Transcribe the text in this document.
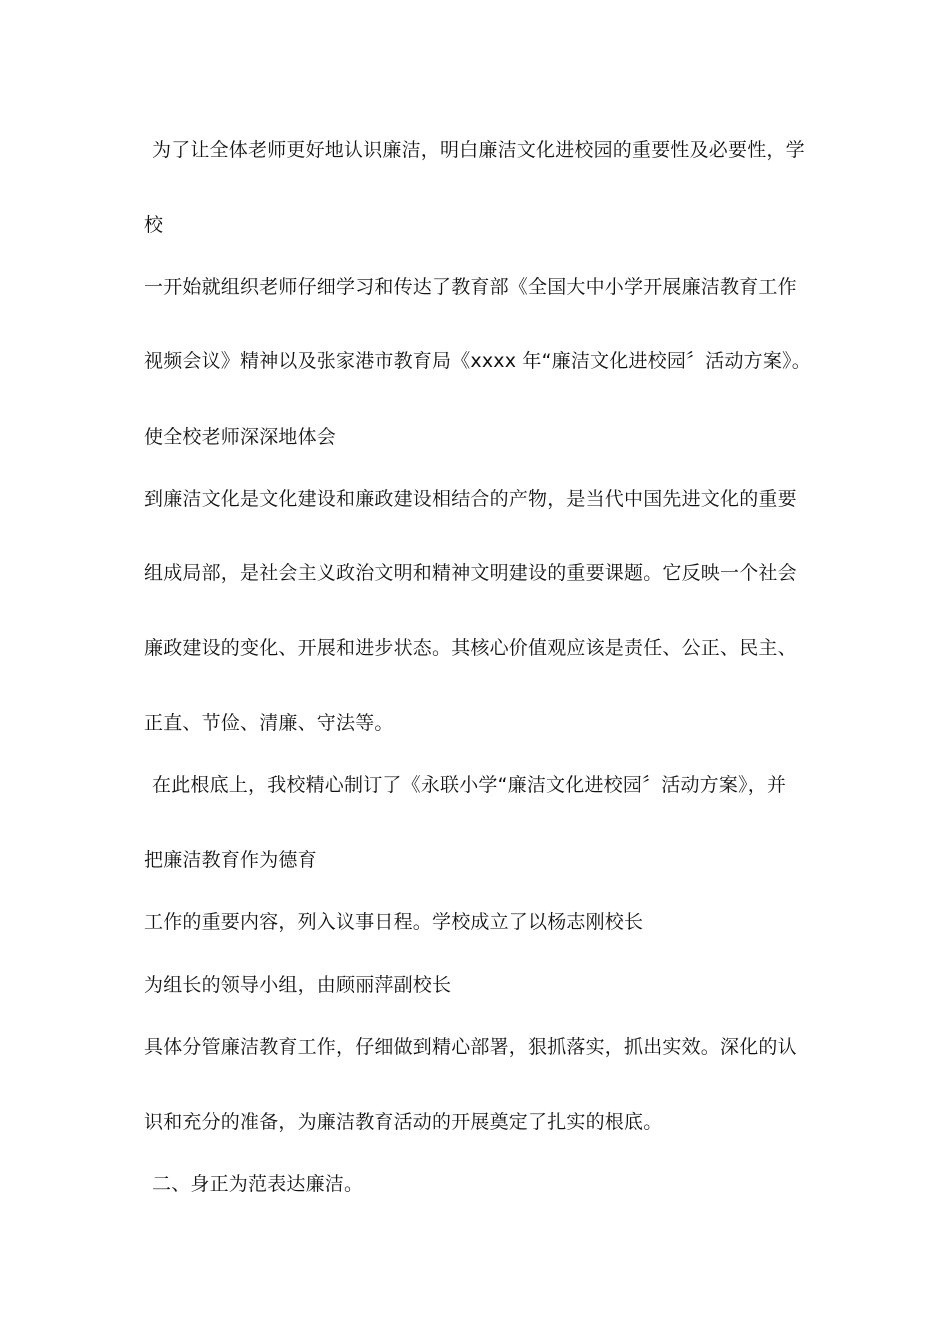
为了让全体老师更好地认识廉洁，明白廉洁文化进校园的重要性及必要性，学
校
一开始就组织老师仔细学习和传达了教育部《全国大中小学开展廉洁教育工作
视频会议》精神以及张家港市教育局《xxxx 年“廉洁文化进校园〞活动方案》。
使全校老师深深地体会
到廉洁文化是文化建设和廉政建设相结合的产物，是当代中国先进文化的重要
组成局部，是社会主义政治文明和精神文明建设的重要课题。它反映一个社会
廉政建设的变化、开展和进步状态。其核心价值观应该是责任、公正、民主、
正直、节俭、清廉、守法等。
在此根底上，我校精心制订了《永联小学“廉洁文化进校园〞活动方案》，并
把廉洁教育作为德育
工作的重要内容，列入议事日程。学校成立了以杨志刚校长
为组长的领导小组，由顾丽萍副校长
具体分管廉洁教育工作，仔细做到精心部署，狠抓落实，抓出实效。深化的认
识和充分的准备，为廉洁教育活动的开展奠定了扎实的根底。
二、身正为范表达廉洁。
